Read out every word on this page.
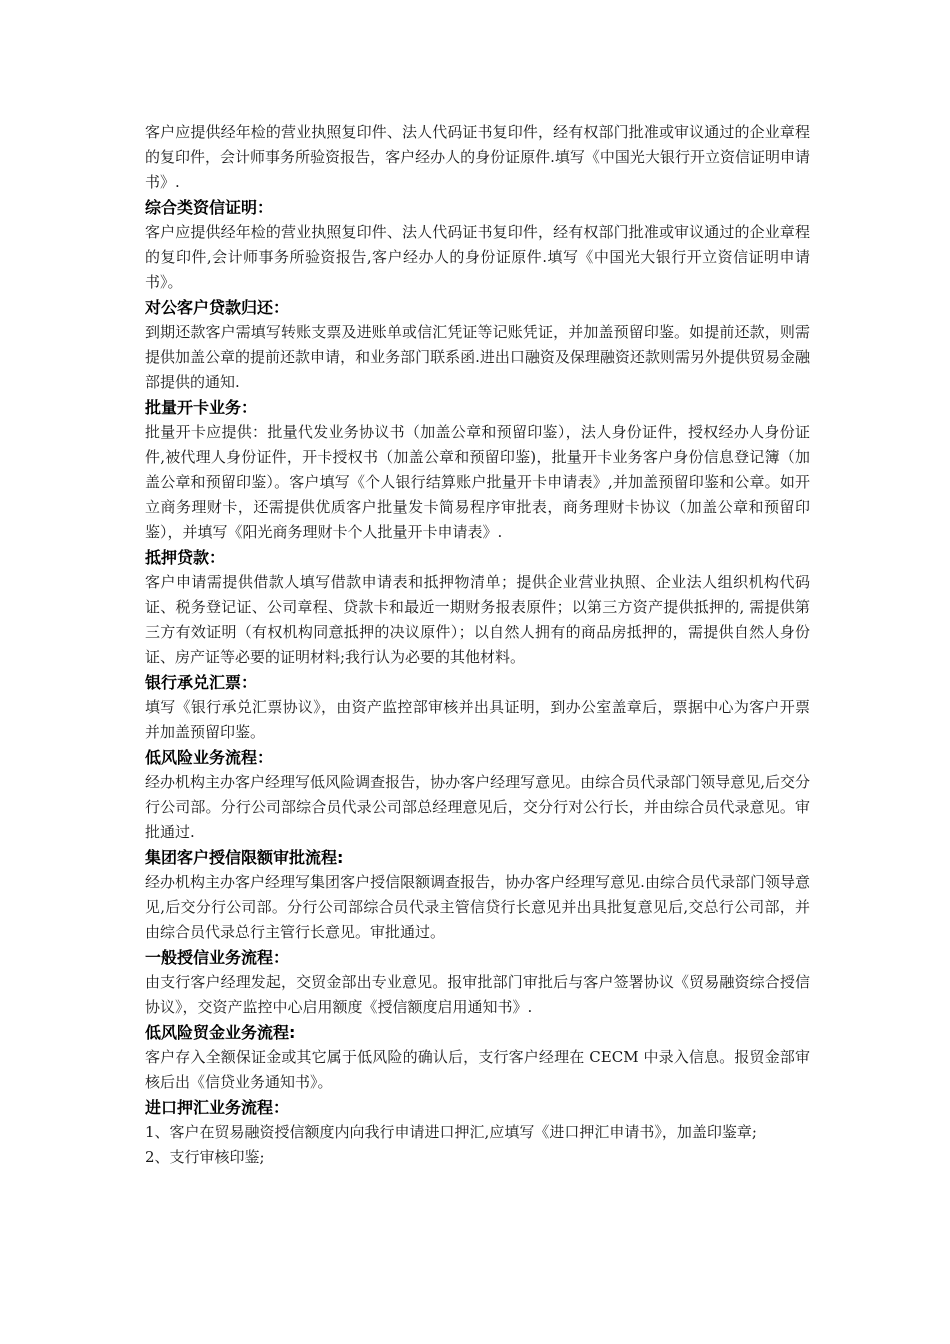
客户应提供经年检的营业执照复印件、法人代码证书复印件，经有权部门批准或审议通过的企业章程的复印件，会计师事务所验资报告，客户经办人的身份证原件.填写《中国光大银行开立资信证明申请书》.

综合类资信证明：

客户应提供经年检的营业执照复印件、法人代码证书复印件，经有权部门批准或审议通过的企业章程的复印件,会计师事务所验资报告,客户经办人的身份证原件.填写《中国光大银行开立资信证明申请书》。

对公客户贷款归还：

到期还款客户需填写转账支票及进账单或信汇凭证等记账凭证，并加盖预留印鉴。如提前还款，则需提供加盖公章的提前还款申请，和业务部门联系函.进出口融资及保理融资还款则需另外提供贸易金融部提供的通知.

批量开卡业务：

批量开卡应提供：批量代发业务协议书（加盖公章和预留印鉴），法人身份证件，授权经办人身份证件,被代理人身份证件，开卡授权书（加盖公章和预留印鉴)，批量开卡业务客户身份信息登记簿（加盖公章和预留印鉴）。客户填写《个人银行结算账户批量开卡申请表》,并加盖预留印鉴和公章。如开立商务理财卡，还需提供优质客户批量发卡简易程序审批表，商务理财卡协议（加盖公章和预留印鉴），并填写《阳光商务理财卡个人批量开卡申请表》.

抵押贷款：

客户申请需提供借款人填写借款申请表和抵押物清单；提供企业营业执照、企业法人组织机构代码证、税务登记证、公司章程、贷款卡和最近一期财务报表原件；以第三方资产提供抵押的, 需提供第三方有效证明（有权机构同意抵押的决议原件）；以自然人拥有的商品房抵押的，需提供自然人身份证、房产证等必要的证明材料;我行认为必要的其他材料。

银行承兑汇票：

填写《银行承兑汇票协议》，由资产监控部审核并出具证明，到办公室盖章后，票据中心为客户开票并加盖预留印鉴。

低风险业务流程：

经办机构主办客户经理写低风险调查报告，协办客户经理写意见。由综合员代录部门领导意见,后交分行公司部。分行公司部综合员代录公司部总经理意见后，交分行对公行长，并由综合员代录意见。审批通过.

集团客户授信限额审批流程:

经办机构主办客户经理写集团客户授信限额调查报告，协办客户经理写意见.由综合员代录部门领导意见,后交分行公司部。分行公司部综合员代录主管信贷行长意见并出具批复意见后,交总行公司部，并由综合员代录总行主管行长意见。审批通过。

一般授信业务流程：

由支行客户经理发起，交贸金部出专业意见。报审批部门审批后与客户签署协议《贸易融资综合授信协议》，交资产监控中心启用额度《授信额度启用通知书》.

低风险贸金业务流程:

客户存入全额保证金或其它属于低风险的确认后，支行客户经理在 CECM 中录入信息。报贸金部审核后出《信贷业务通知书》。

进口押汇业务流程：

1、客户在贸易融资授信额度内向我行申请进口押汇,应填写《进口押汇申请书》，加盖印鉴章;

2、支行审核印鉴;
